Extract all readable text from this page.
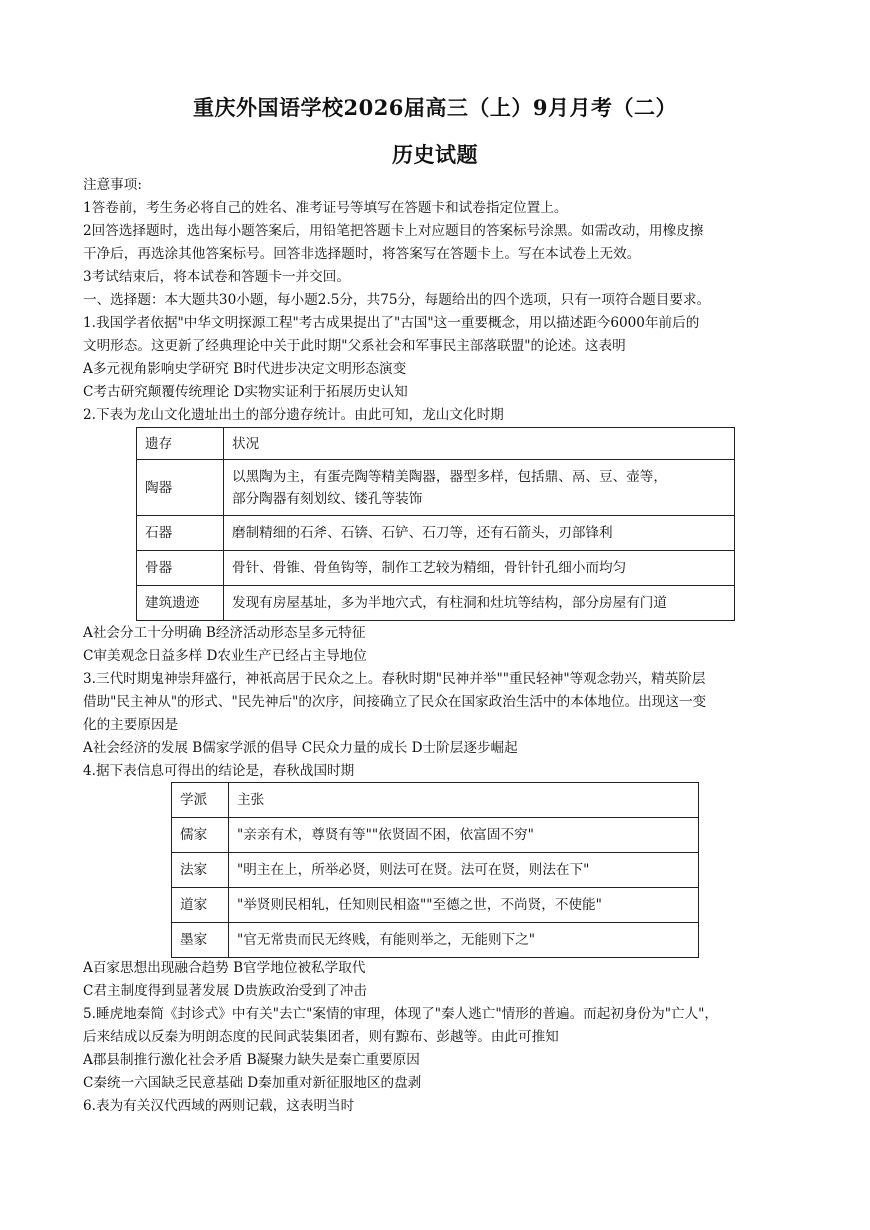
重庆外国语学校2026届高三（上）9月月考（二）
历史试题
注意事项:
1答卷前，考生务必将自己的姓名、准考证号等填写在答题卡和试卷指定位置上。
2回答选择题时，选出每小题答案后，用铅笔把答题卡上对应题目的答案标号涂黑。如需改动，用橡皮擦
干净后，再选涂其他答案标号。回答非选择题时，将答案写在答题卡上。写在本试卷上无效。
3考试结束后，将本试卷和答题卡一并交回。
一、选择题：本大题共30小题，每小题2.5分，共75分，每题给出的四个选项，只有一项符合题目要求。
1.我国学者依据"中华文明探源工程"考古成果提出了"古国"这一重要概念，用以描述距今6000年前后的
文明形态。这更新了经典理论中关于此时期"父系社会和军事民主部落联盟"的论述。这表明
A多元视角影响史学研究 B时代进步决定文明形态演变
C考古研究颠覆传统理论 D实物实证利于拓展历史认知
2.下表为龙山文化遗址出土的部分遗存统计。由此可知，龙山文化时期
遗存	状况
陶器	以黑陶为主，有蛋壳陶等精美陶器，器型多样，包括鼎、鬲、豆、壶等，
部分陶器有刻划纹、镂孔等装饰

石器	磨制精细的石斧、石锛、石铲、石刀等，还有石箭头，刃部锋利
骨器	骨针、骨锥、骨鱼钩等，制作工艺较为精细，骨针针孔细小而均匀
建筑遗迹	发现有房屋基址，多为半地穴式，有柱洞和灶坑等结构，部分房屋有门道
A社会分工十分明确 B经济活动形态呈多元特征
C审美观念日益多样 D农业生产已经占主导地位
3.三代时期鬼神崇拜盛行，神祇高居于民众之上。春秋时期"民神并举""重民轻神"等观念勃兴，精英阶层
借助"民主神从"的形式、"民先神后"的次序，间接确立了民众在国家政治生活中的本体地位。出现这一变
化的主要原因是
A社会经济的发展 B儒家学派的倡导 C民众力量的成长 D士阶层逐步崛起
4.据下表信息可得出的结论是，春秋战国时期
学派	主张
儒家	"亲亲有术，尊贤有等""依贤固不困，依富固不穷"
法家	"明主在上，所举必贤，则法可在贤。法可在贤，则法在下"
道家	"举贤则民相轧，任知则民相盗""至德之世，不尚贤，不使能"
墨家	"官无常贵而民无终贱，有能则举之，无能则下之"
A百家思想出现融合趋势 B官学地位被私学取代
C君主制度得到显著发展 D贵族政治受到了冲击
5.睡虎地秦简《封诊式》中有关"去亡"案情的审理，体现了"秦人逃亡"情形的普遍。而起初身份为"亡人"，
后来结成以反秦为明朗态度的民间武装集团者，则有黥布、彭越等。由此可推知
A郡县制推行激化社会矛盾 B凝聚力缺失是秦亡重要原因
C秦统一六国缺乏民意基础 D秦加重对新征服地区的盘剥
6.表为有关汉代西域的两则记载，这表明当时
